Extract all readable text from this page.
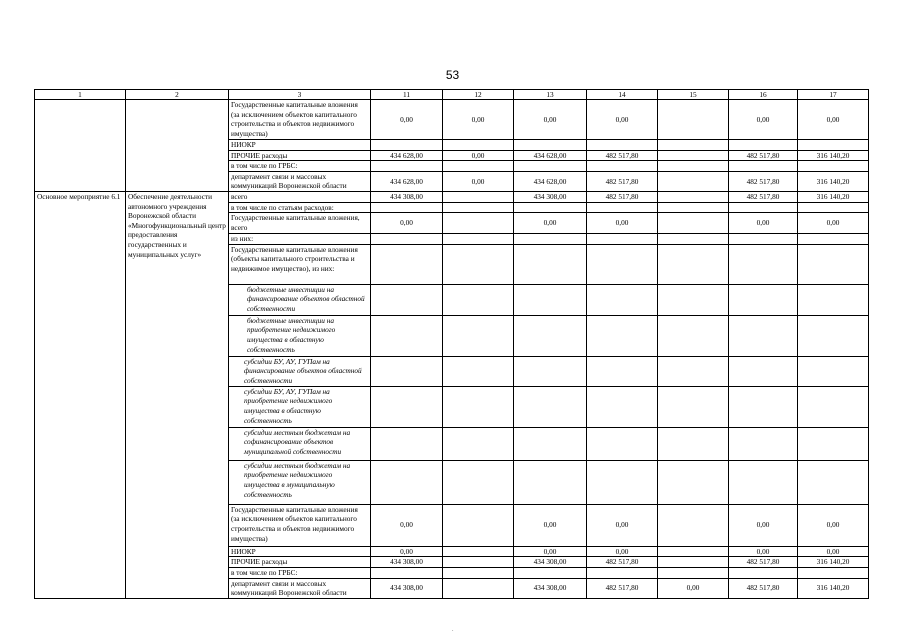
53
1	2	3	11	12	13	14	15	16	17
		Государственные капитальные вложения (за исключением объектов капитального строительства и объектов недвижимого имущества)	0,00	0,00	0,00	0,00		0,00	0,00
		НИОКР							
		ПРОЧИЕ расходы	434 628,00	0,00	434 628,00	482 517,80		482 517,80	316 140,20
		в том числе по ГРБС:							
		департамент связи и массовых коммуникаций Воронежской области	434 628,00	0,00	434 628,00	482 517,80		482 517,80	316 140,20
Основное мероприятие 6.1	Обеспечение деятельности автономного учреждения Воронежской области «Многофункциональный центр предоставления государственных и муниципальных услуг»	всего	434 308,00		434 308,00	482 517,80		482 517,80	316 140,20
		в том числе по статьям расходов:							
		Государственные капитальные вложения, всего	0,00		0,00	0,00		0,00	0,00
		из них:							
		Государственные капитальные вложения (объекты капитального строительства и недвижимое имущество), из них:							
		бюджетные инвестиции на финансирование объектов областной собственности							
		бюджетные инвестиции на приобретение недвижимого имущества в областную собственность							
		субсидии БУ, АУ, ГУПам на финансирование объектов областной собственности							
		субсидии БУ, АУ, ГУПам на приобретение недвижимого имущества в областную собственность							
		субсидии местным бюджетам на софинансирование объектов муниципальной собственности							
		субсидии местным бюджетам на приобретение недвижимого имущества в муниципальную собственность							
		Государственные капитальные вложения (за исключением объектов капитального строительства и объектов недвижимого имущества)	0,00		0,00	0,00		0,00	0,00
		НИОКР	0,00		0,00	0,00		0,00	0,00
		ПРОЧИЕ расходы	434 308,00		434 308,00	482 517,80		482 517,80	316 140,20
		в том числе по ГРБС:							
		департамент связи и массовых коммуникаций Воронежской области	434 308,00		434 308,00	482 517,80	0,00	482 517,80	316 140,20
.
